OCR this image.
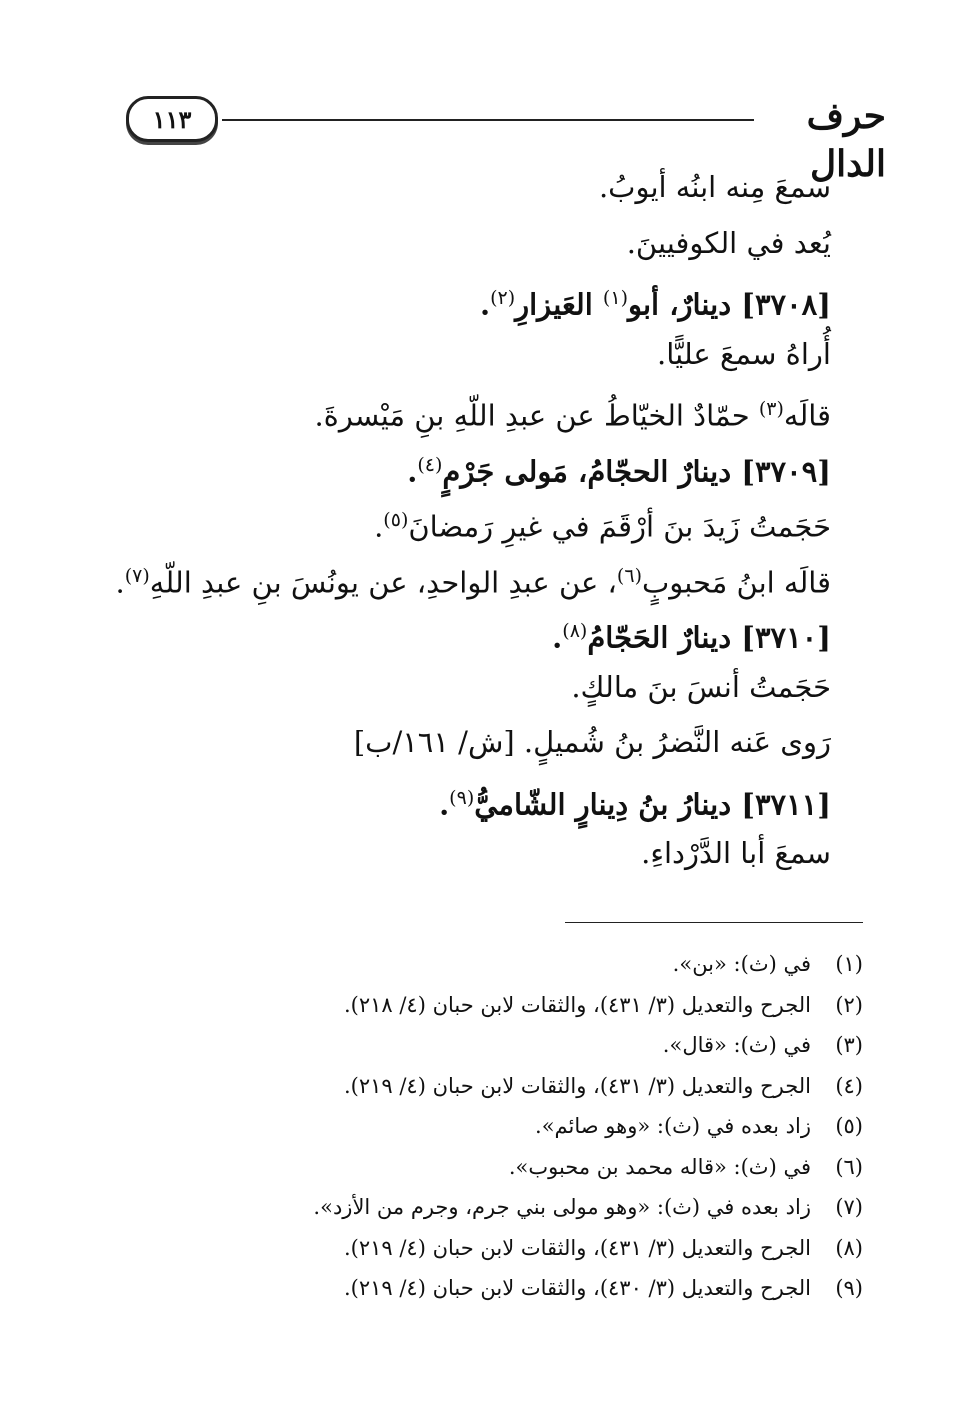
١١٣	حرف الدال
سمعَ مِنه ابنُه أيوبُ.
يُعد في الكوفيينَ.
[٣٧٠٨] دينارٌ، أبو$^{(١)}$ العَيزارِ$^{(٢)}$.
أُراهُ سمعَ عليًّا.
قالَه$^{(٣)}$ حمّادٌ الخيّاطُ عن عبدِ اللّهِ بنِ مَيْسرةَ.
[٣٧٠٩] دينارٌ الحجّامُ، مَولى جَرْمٍ$^{(٤)}$.
حَجَمتُ زَيدَ بنَ أرْقَمَ في غيرِ رَمضانَ$^{(٥)}$.
قالَه ابنُ مَحبوبٍ$^{(٦)}$، عن عبدِ الواحدِ، عن يونُسَ بنِ عبدِ اللّهِ$^{(٧)}$.
[٣٧١٠] دينارٌ الحَجّامُ$^{(٨)}$.
حَجَمتُ أنسَ بنَ مالكٍ.
رَوى عَنه النَّضرُ بنُ شُميلٍ. [ش/ ١٦١/ب]
[٣٧١١] دينارُ بنُ دِينارٍ الشّاميُّ$^{(٩)}$.
سمعَ أبا الدَّرْداءِ.
(١)
في (ث): «بن».
(٢)
الجرح والتعديل (٣/ ٤٣١)، والثقات لابن حبان (٤/ ٢١٨).
(٣)
في (ث): «قال».
(٤)
الجرح والتعديل (٣/ ٤٣١)، والثقات لابن حبان (٤/ ٢١٩).
(٥)
زاد بعده في (ث): «وهو صائم».
(٦)
في (ث): «قاله محمد بن محبوب».
(٧)
زاد بعده في (ث): «وهو مولى بني جرم، وجرم من الأزد».
(٨)
الجرح والتعديل (٣/ ٤٣١)، والثقات لابن حبان (٤/ ٢١٩).
(٩)
الجرح والتعديل (٣/ ٤٣٠)، والثقات لابن حبان (٤/ ٢١٩).
